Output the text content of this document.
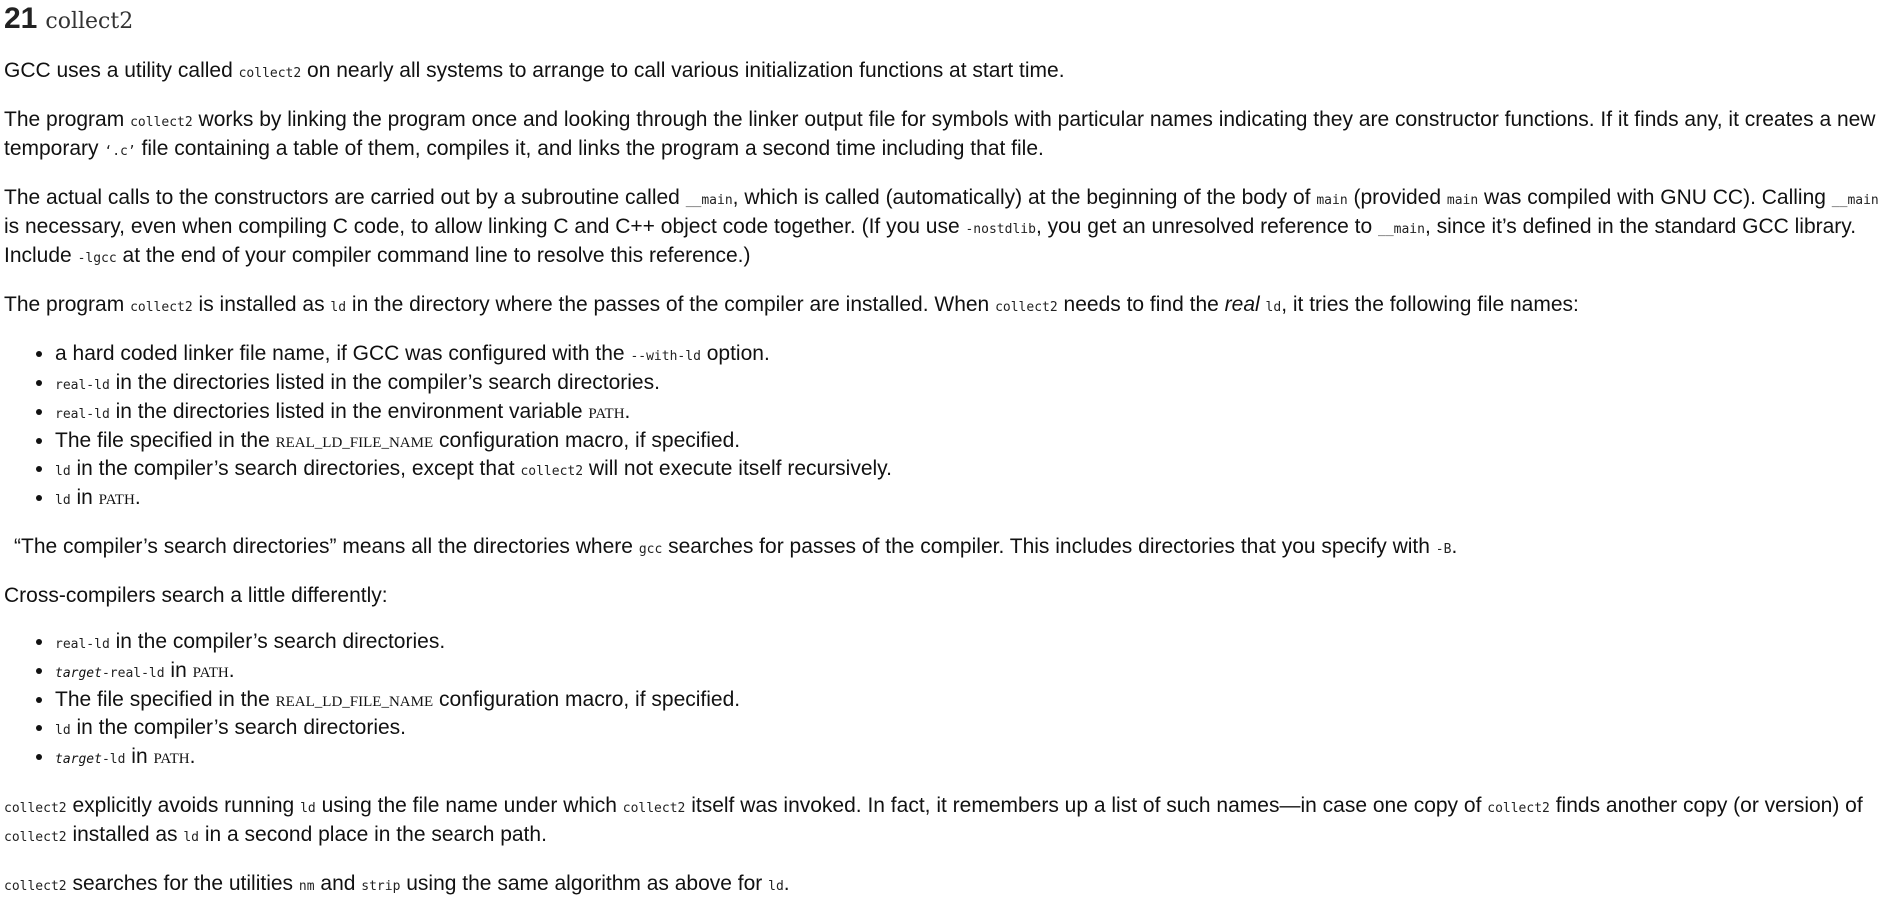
21 collect2

GCC uses a utility called collect2 on nearly all systems to arrange to call various initialization functions at start time.

The program collect2 works by linking the program once and looking through the linker output file for symbols with particular names indicating they are constructor functions. If it finds any, it creates a new temporary ‘.c’ file containing a table of them, compiles it, and links the program a second time including that file.

The actual calls to the constructors are carried out by a subroutine called __main, which is called (automatically) at the beginning of the body of main (provided main was compiled with GNU CC). Calling __main is necessary, even when compiling C code, to allow linking C and C++ object code together. (If you use -nostdlib, you get an unresolved reference to __main, since it’s defined in the standard GCC library. Include -lgcc at the end of your compiler command line to resolve this reference.)

The program collect2 is installed as ld in the directory where the passes of the compiler are installed. When collect2 needs to find the real ld, it tries the following file names:

• a hard coded linker file name, if GCC was configured with the --with-ld option.
• real-ld in the directories listed in the compiler’s search directories.
• real-ld in the directories listed in the environment variable PATH.
• The file specified in the REAL_LD_FILE_NAME configuration macro, if specified.
• ld in the compiler’s search directories, except that collect2 will not execute itself recursively.
• ld in PATH.

“The compiler’s search directories” means all the directories where gcc searches for passes of the compiler. This includes directories that you specify with -B.

Cross-compilers search a little differently:

• real-ld in the compiler’s search directories.
• target-real-ld in PATH.
• The file specified in the REAL_LD_FILE_NAME configuration macro, if specified.
• ld in the compiler’s search directories.
• target-ld in PATH.

collect2 explicitly avoids running ld using the file name under which collect2 itself was invoked. In fact, it remembers up a list of such names—in case one copy of collect2 finds another copy (or version) of collect2 installed as ld in a second place in the search path.

collect2 searches for the utilities nm and strip using the same algorithm as above for ld.
